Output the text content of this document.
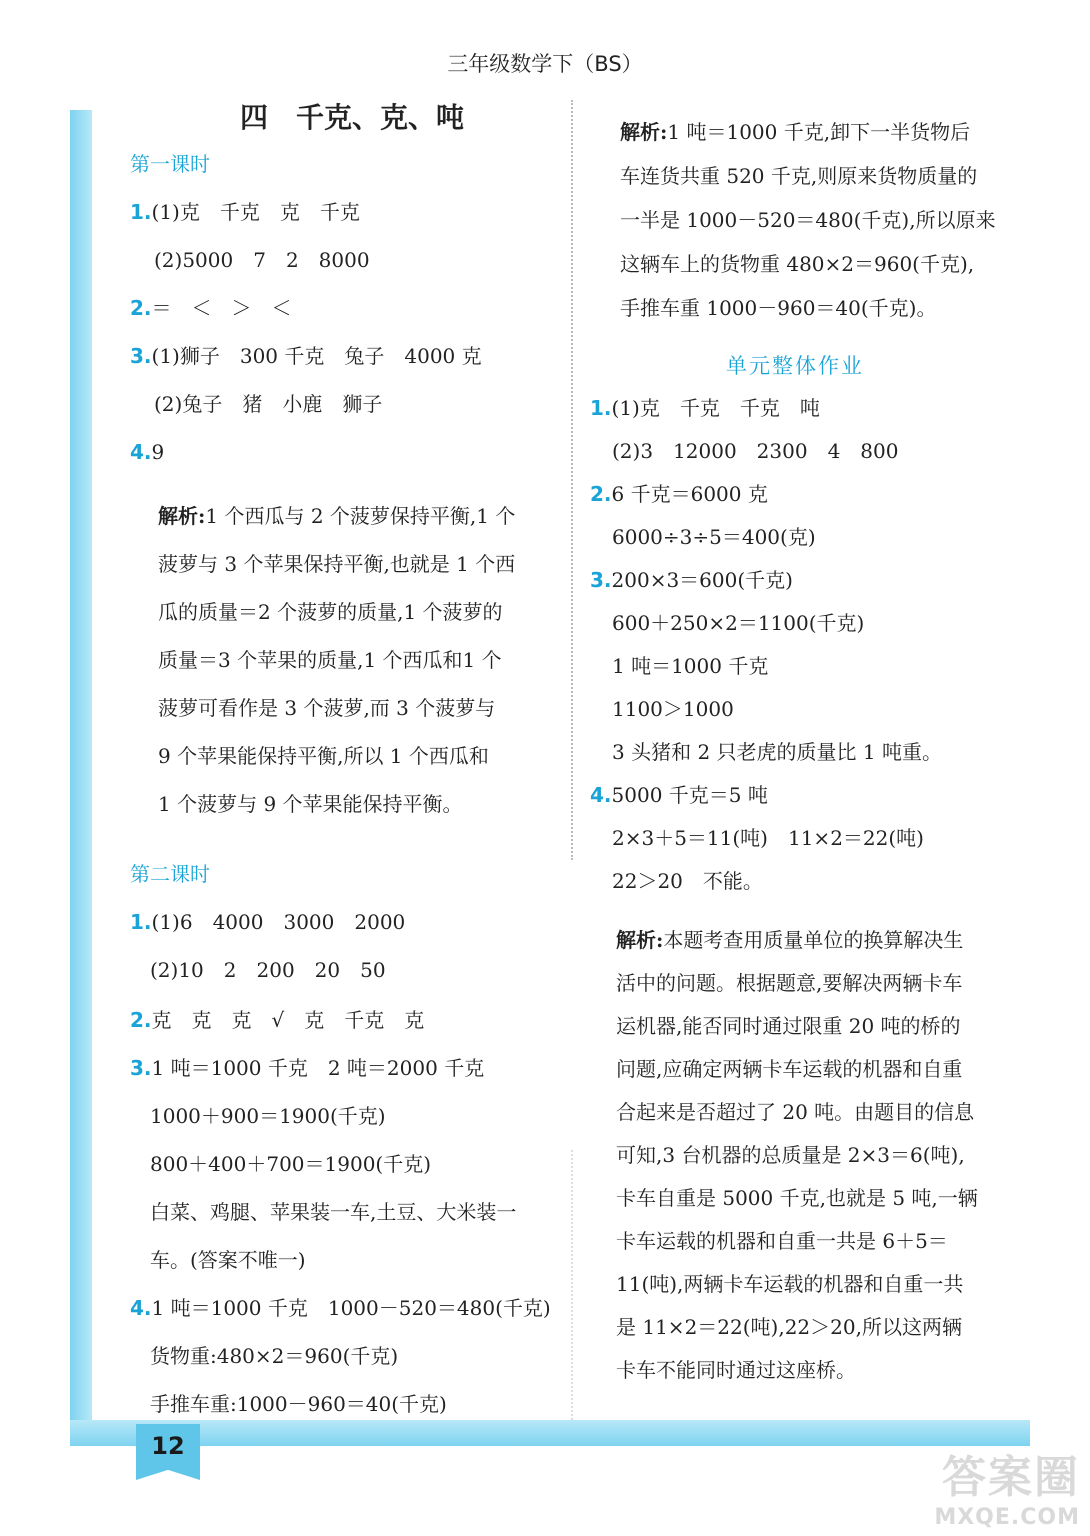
12
三年级数学下（BS）
四　千克、克、吨
第一课时
1.(1)克　千克　克　千克
(2)5000　7　2　8000
2.＝　＜　＞　＜
3.(1)狮子　300 千克　兔子　4000 克
(2)兔子　猪　小鹿　狮子
4.9
解析:1 个西瓜与 2 个菠萝保持平衡,1 个
菠萝与 3 个苹果保持平衡,也就是 1 个西
瓜的质量＝2 个菠萝的质量,1 个菠萝的
质量＝3 个苹果的质量,1 个西瓜和1 个
菠萝可看作是 3 个菠萝,而 3 个菠萝与
9 个苹果能保持平衡,所以 1 个西瓜和
1 个菠萝与 9 个苹果能保持平衡。
第二课时
1.(1)6　4000　3000　2000
(2)10　2　200　20　50
2.克　克　克　√　克　千克　克
3.1 吨＝1000 千克　2 吨＝2000 千克
1000＋900＝1900(千克)
800＋400＋700＝1900(千克)
白菜、鸡腿、苹果装一车,土豆、大米装一
车。(答案不唯一)
4.1 吨＝1000 千克　1000－520＝480(千克)
货物重:480×2＝960(千克)
手推车重:1000－960＝40(千克)
解析:1 吨＝1000 千克,卸下一半货物后
车连货共重 520 千克,则原来货物质量的
一半是 1000－520＝480(千克),所以原来
这辆车上的货物重 480×2＝960(千克),
手推车重 1000－960＝40(千克)。
单元整体作业
1.(1)克　千克　千克　吨
(2)3　12000　2300　4　800
2.6 千克＝6000 克
6000÷3÷5＝400(克)
3.200×3＝600(千克)
600＋250×2＝1100(千克)
1 吨＝1000 千克
1100＞1000
3 头猪和 2 只老虎的质量比 1 吨重。
4.5000 千克＝5 吨
2×3＋5＝11(吨)　11×2＝22(吨)
22＞20　不能。
解析:本题考查用质量单位的换算解决生
活中的问题。根据题意,要解决两辆卡车
运机器,能否同时通过限重 20 吨的桥的
问题,应确定两辆卡车运载的机器和自重
合起来是否超过了 20 吨。由题目的信息
可知,3 台机器的总质量是 2×3＝6(吨),
卡车自重是 5000 千克,也就是 5 吨,一辆
卡车运载的机器和自重一共是 6＋5＝
11(吨),两辆卡车运载的机器和自重一共
是 11×2＝22(吨),22＞20,所以这两辆
卡车不能同时通过这座桥。
答案圈
MXQE.COM
